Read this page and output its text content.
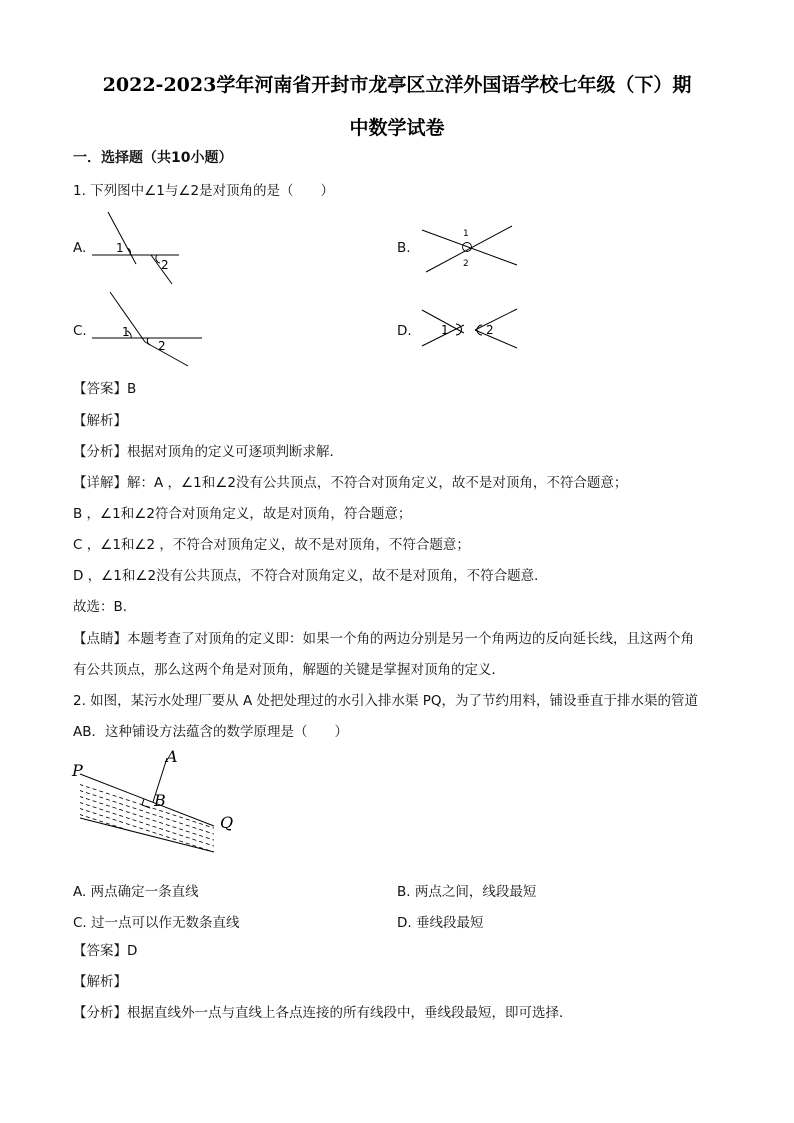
2022-2023学年河南省开封市龙亭区立洋外国语学校七年级（下）期
中数学试卷
一．选择题（共10小题）
1. 下列图中∠1与∠2是对顶角的是（　　）
A.	B.
C.	D.
1
2
1
2
1
2
1	2
【答案】B
【解析】
【分析】根据对顶角的定义可逐项判断求解．
【详解】解：A ，∠1和∠2没有公共顶点，不符合对顶角定义，故不是对顶角，不符合题意；
B ，∠1和∠2符合对顶角定义，故是对顶角，符合题意；
C ，∠1和∠2 ，不符合对顶角定义，故不是对顶角，不符合题意；
D ，∠1和∠2没有公共顶点，不符合对顶角定义，故不是对顶角，不符合题意．
故选：B．
【点睛】本题考查了对顶角的定义即：如果一个角的两边分别是另一个角两边的反向延长线，且这两个角
有公共顶点，那么这两个角是对顶角，解题的关键是掌握对顶角的定义．
2. 如图，某污水处理厂要从 A 处把处理过的水引入排水渠 PQ，为了节约用料，铺设垂直于排水渠的管道
AB．这种铺设方法蕴含的数学原理是（　　）
P
A
B
Q
A. 两点确定一条直线	B. 两点之间，线段最短
C. 过一点可以作无数条直线	D. 垂线段最短
【答案】D
【解析】
【分析】根据直线外一点与直线上各点连接的所有线段中，垂线段最短，即可选择．
